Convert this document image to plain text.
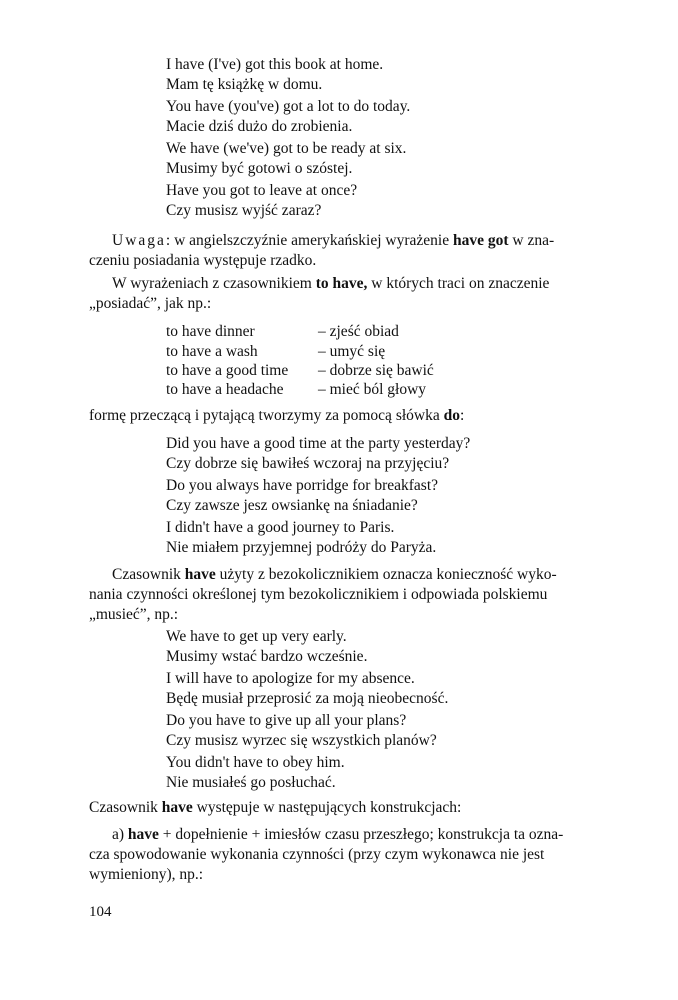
I have (I've) got this book at home.
Mam tę książkę w domu.
You have (you've) got a lot to do today.
Macie dziś dużo do zrobienia.
We have (we've) got to be ready at six.
Musimy być gotowi o szóstej.
Have you got to leave at once?
Czy musisz wyjść zaraz?
Uwaga: w angielszczyźnie amerykańskiej wyrażenie have got w zna-
czeniu posiadania występuje rzadko.
W wyrażeniach z czasownikiem to have, w których traci on znaczenie
„posiadać”, jak np.:
to have dinner	– zjeść obiad
to have a wash	– umyć się
to have a good time – dobrze się bawić
to have a headache – mieć ból głowy
formę przeczącą i pytającą tworzymy za pomocą słówka do:
Did you have a good time at the party yesterday?
Czy dobrze się bawiłeś wczoraj na przyjęciu?
Do you always have porridge for breakfast?
Czy zawsze jesz owsiankę na śniadanie?
I didn't have a good journey to Paris.
Nie miałem przyjemnej podróży do Paryża.
Czasownik have użyty z bezokolicznikiem oznacza konieczność wyko-
nania czynności określonej tym bezokolicznikiem i odpowiada polskiemu
„musieć”, np.:
We have to get up very early.
Musimy wstać bardzo wcześnie.
I will have to apologize for my absence.
Będę musiał przeprosić za moją nieobecność.
Do you have to give up all your plans?
Czy musisz wyrzec się wszystkich planów?
You didn't have to obey him.
Nie musiałeś go posłuchać.
Czasownik have występuje w następujących konstrukcjach:
a) have + dopełnienie + imiesłów czasu przeszłego; konstrukcja ta ozna-
cza spowodowanie wykonania czynności (przy czym wykonawca nie jest
wymieniony), np.:
104
